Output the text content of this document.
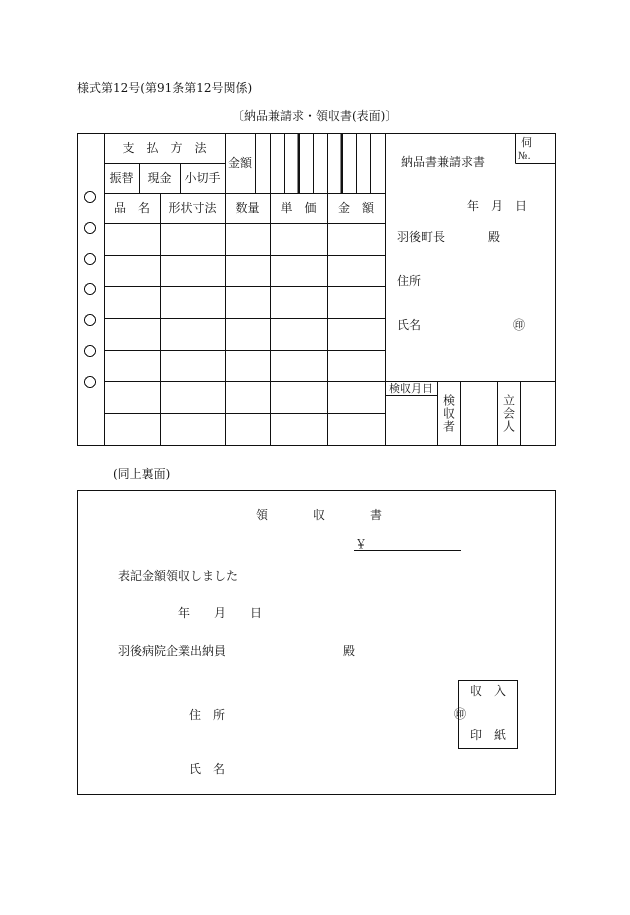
様式第12号(第91条第12号関係)
〔納品兼請求・領収書(表面)〕
支　払　方　法
振替	現金	小切手
金額
伺
№.
品　名	形状寸法	数量	単　価	金　額
納品書兼請求書
年　月　日
羽後町長	殿
住所
氏名	㊞
検収月日
検収者	立会人
(同上裏面)
領　収　書
￥
表記金額領収しました
年　月　日
羽後病院企業出納員	殿
住　所
氏　名
㊞
収　入
印　紙
